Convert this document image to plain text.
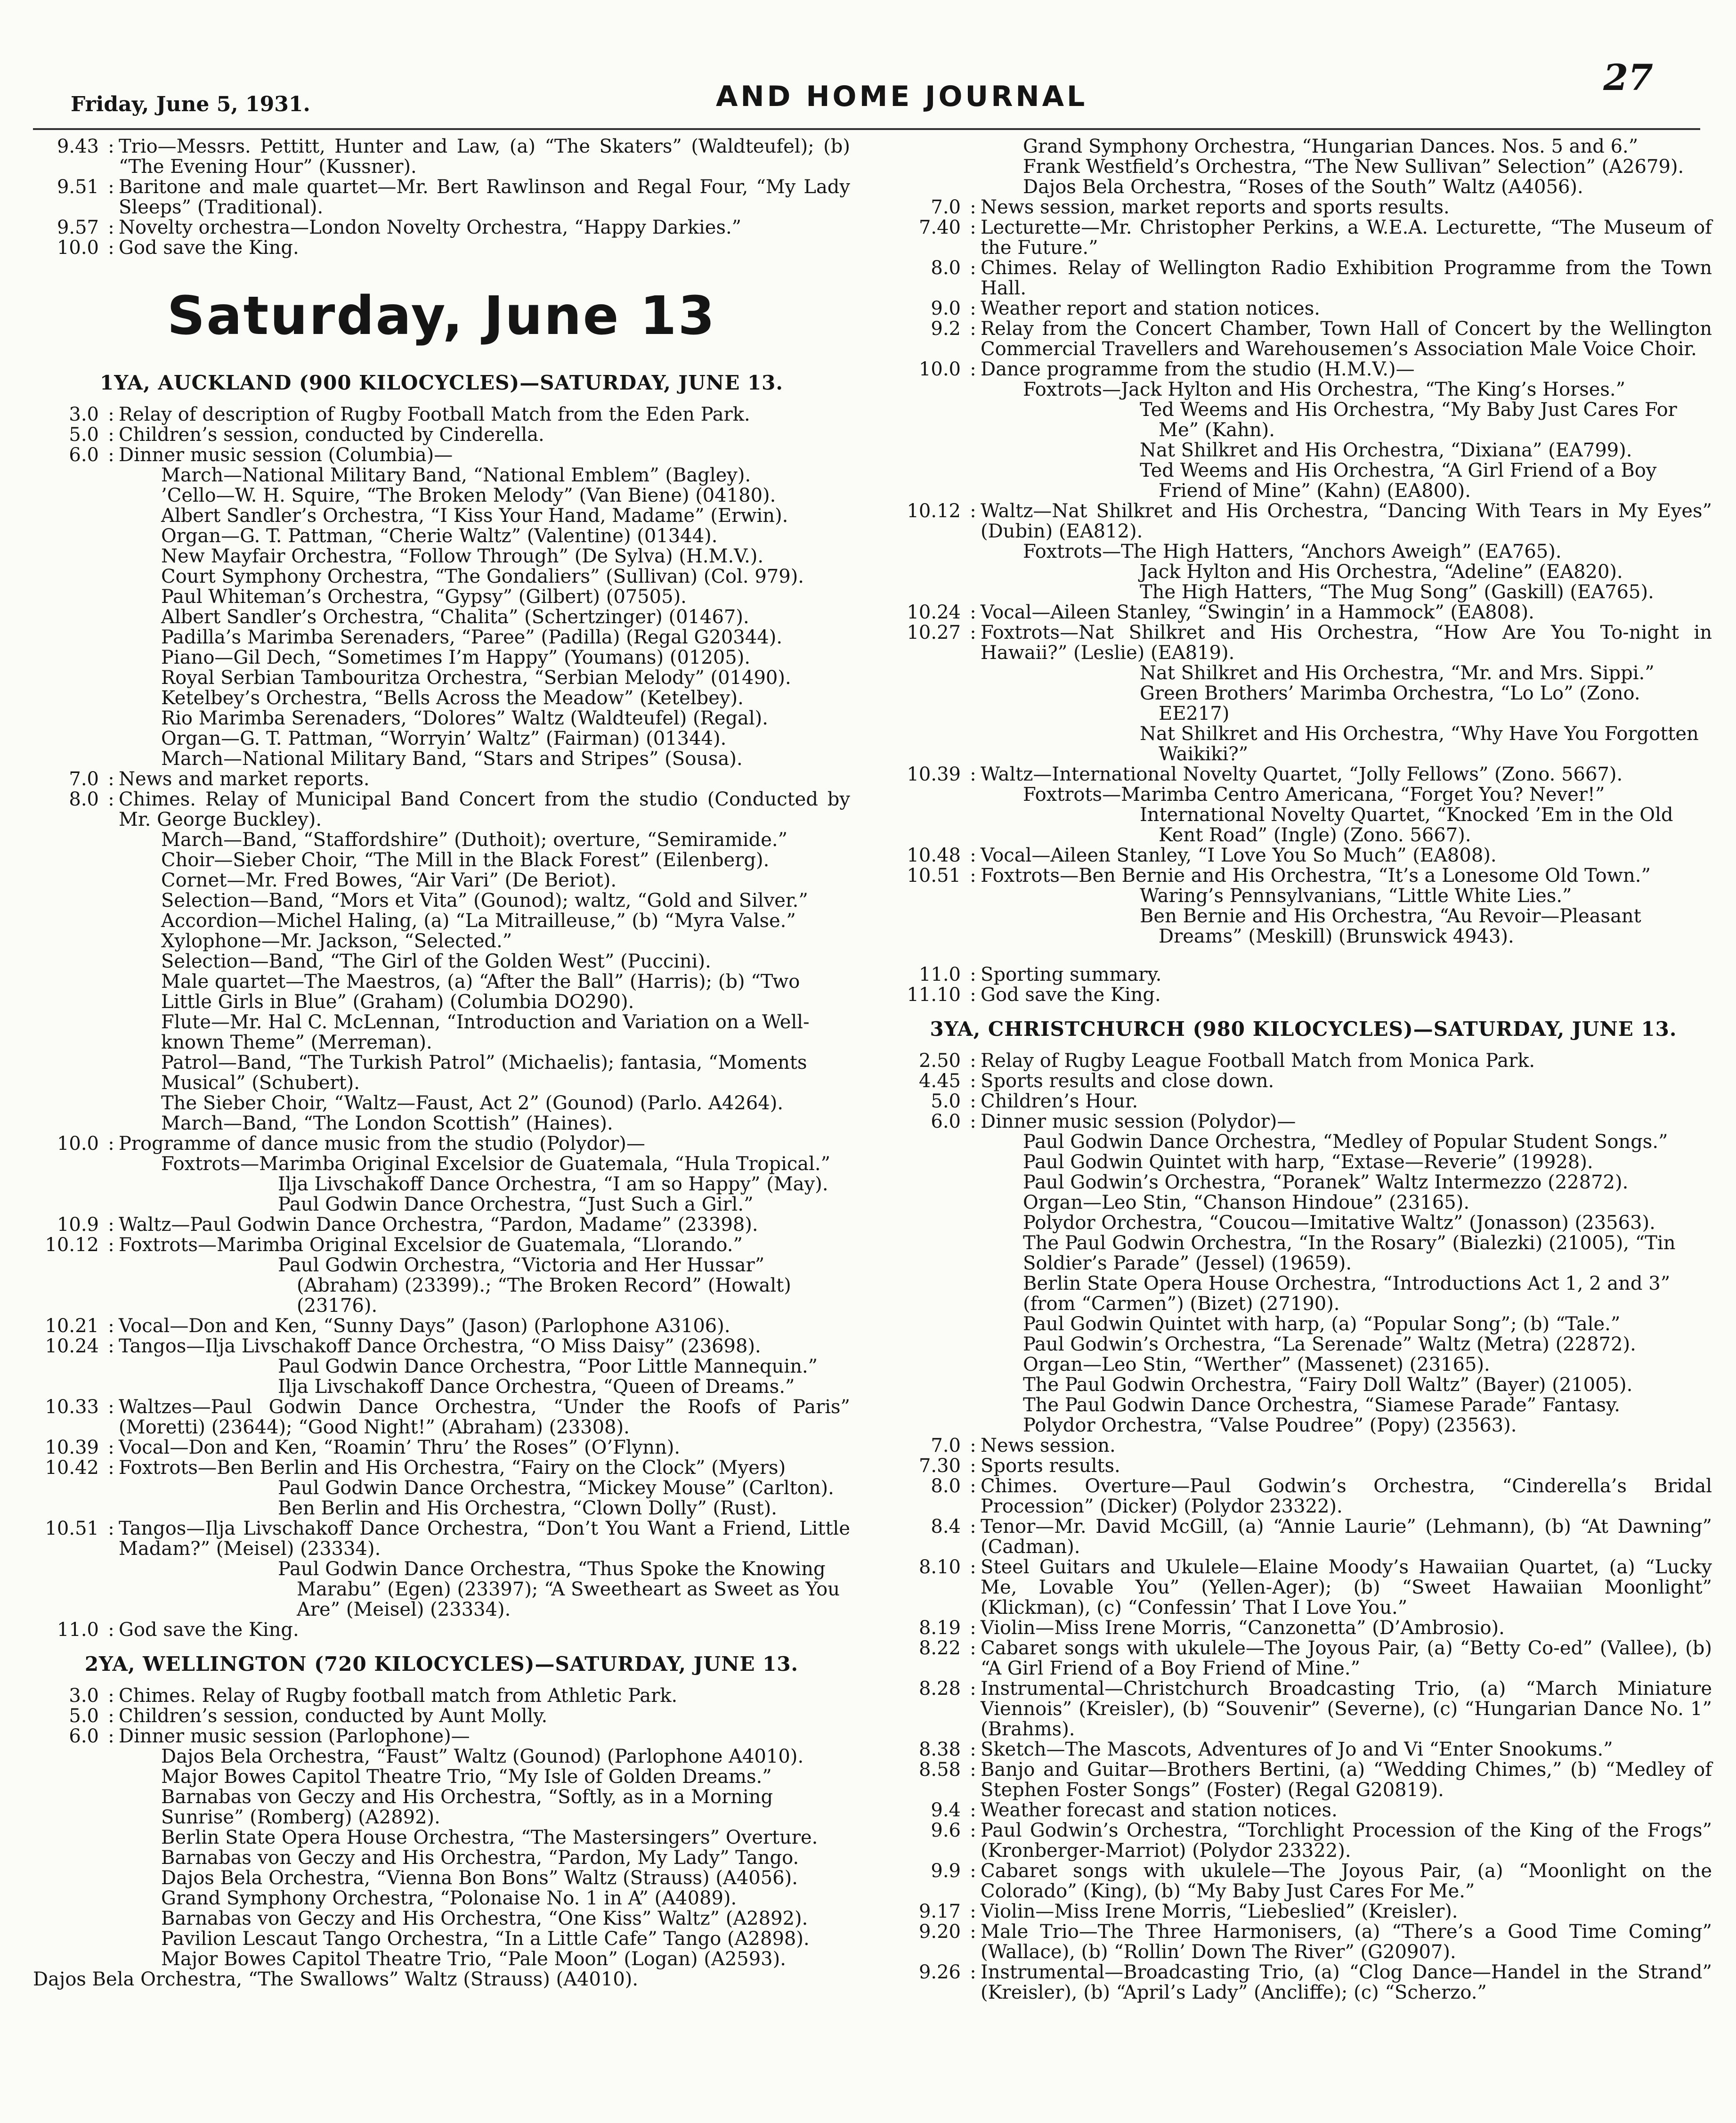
Friday, June 5, 1931.	AND HOME JOURNAL	27
9.43 : Trio—Messrs. Pettitt, Hunter and Law, (a) “The Skaters” (Waldteufel); (b) “The Evening Hour” (Kussner).
9.51 : Baritone and male quartet—Mr. Bert Rawlinson and Regal Four, “My Lady Sleeps” (Traditional).
9.57 : Novelty orchestra—London Novelty Orchestra, “Happy Darkies.”
10.0 : God save the King.
Saturday, June 13
1YA, AUCKLAND (900 KILOCYCLES)—SATURDAY, JUNE 13.
3.0 : Relay of description of Rugby Football Match from the Eden Park.
5.0 : Children’s session, conducted by Cinderella.
6.0 : Dinner music session (Columbia)—
March—National Military Band, “National Emblem” (Bagley).
’Cello—W. H. Squire, “The Broken Melody” (Van Biene) (04180).
Albert Sandler’s Orchestra, “I Kiss Your Hand, Madame” (Erwin).
Organ—G. T. Pattman, “Cherie Waltz” (Valentine) (01344).
New Mayfair Orchestra, “Follow Through” (De Sylva) (H.M.V.).
Court Symphony Orchestra, “The Gondaliers” (Sullivan) (Col. 979).
Paul Whiteman’s Orchestra, “Gypsy” (Gilbert) (07505).
Albert Sandler’s Orchestra, “Chalita” (Schertzinger) (01467).
Padilla’s Marimba Serenaders, “Paree” (Padilla) (Regal G20344).
Piano—Gil Dech, “Sometimes I’m Happy” (Youmans) (01205).
Royal Serbian Tambouritza Orchestra, “Serbian Melody” (01490).
Ketelbey’s Orchestra, “Bells Across the Meadow” (Ketelbey).
Rio Marimba Serenaders, “Dolores” Waltz (Waldteufel) (Regal).
Organ—G. T. Pattman, “Worryin’ Waltz” (Fairman) (01344).
March—National Military Band, “Stars and Stripes” (Sousa).
7.0 : News and market reports.
8.0 : Chimes. Relay of Municipal Band Concert from the studio (Conducted by Mr. George Buckley).
March—Band, “Staffordshire” (Duthoit); overture, “Semiramide.”
Choir—Sieber Choir, “The Mill in the Black Forest” (Eilenberg).
Cornet—Mr. Fred Bowes, “Air Vari” (De Beriot).
Selection—Band, “Mors et Vita” (Gounod); waltz, “Gold and Silver.”
Accordion—Michel Haling, (a) “La Mitrailleuse,” (b) “Myra Valse.”
Xylophone—Mr. Jackson, “Selected.”
Selection—Band, “The Girl of the Golden West” (Puccini).
Male quartet—The Maestros, (a) “After the Ball” (Harris); (b) “Two Little Girls in Blue” (Graham) (Columbia DO290).
Flute—Mr. Hal C. McLennan, “Introduction and Variation on a Well-known Theme” (Merreman).
Patrol—Band, “The Turkish Patrol” (Michaelis); fantasia, “Moments Musical” (Schubert).
The Sieber Choir, “Waltz—Faust, Act 2” (Gounod) (Parlo. A4264).
March—Band, “The London Scottish” (Haines).
10.0 : Programme of dance music from the studio (Polydor)—
Foxtrots—Marimba Original Excelsior de Guatemala, “Hula Tropical.”
Ilja Livschakoff Dance Orchestra, “I am so Happy” (May).
Paul Godwin Dance Orchestra, “Just Such a Girl.”
10.9 : Waltz—Paul Godwin Dance Orchestra, “Pardon, Madame” (23398).
10.12 : Foxtrots—Marimba Original Excelsior de Guatemala, “Llorando.”
Paul Godwin Orchestra, “Victoria and Her Hussar” (Abraham) (23399).; “The Broken Record” (Howalt) (23176).
10.21 : Vocal—Don and Ken, “Sunny Days” (Jason) (Parlophone A3106).
10.24 : Tangos—Ilja Livschakoff Dance Orchestra, “O Miss Daisy” (23698).
Paul Godwin Dance Orchestra, “Poor Little Mannequin.”
Ilja Livschakoff Dance Orchestra, “Queen of Dreams.”
10.33 : Waltzes—Paul Godwin Dance Orchestra, “Under the Roofs of Paris” (Moretti) (23644); “Good Night!” (Abraham) (23308).
10.39 : Vocal—Don and Ken, “Roamin’ Thru’ the Roses” (O’Flynn).
10.42 : Foxtrots—Ben Berlin and His Orchestra, “Fairy on the Clock” (Myers)
Paul Godwin Dance Orchestra, “Mickey Mouse” (Carlton).
Ben Berlin and His Orchestra, “Clown Dolly” (Rust).
10.51 : Tangos—Ilja Livschakoff Dance Orchestra, “Don’t You Want a Friend, Little Madam?” (Meisel) (23334).
Paul Godwin Dance Orchestra, “Thus Spoke the Knowing Marabu” (Egen) (23397); “A Sweetheart as Sweet as You Are” (Meisel) (23334).
11.0 : God save the King.
2YA, WELLINGTON (720 KILOCYCLES)—SATURDAY, JUNE 13.
3.0 : Chimes. Relay of Rugby football match from Athletic Park.
5.0 : Children’s session, conducted by Aunt Molly.
6.0 : Dinner music session (Parlophone)—
Dajos Bela Orchestra, “Faust” Waltz (Gounod) (Parlophone A4010).
Major Bowes Capitol Theatre Trio, “My Isle of Golden Dreams.”
Barnabas von Geczy and His Orchestra, “Softly, as in a Morning Sunrise” (Romberg) (A2892).
Berlin State Opera House Orchestra, “The Mastersingers” Overture.
Barnabas von Geczy and His Orchestra, “Pardon, My Lady” Tango.
Dajos Bela Orchestra, “Vienna Bon Bons” Waltz (Strauss) (A4056).
Grand Symphony Orchestra, “Polonaise No. 1 in A” (A4089).
Barnabas von Geczy and His Orchestra, “One Kiss” Waltz” (A2892).
Pavilion Lescaut Tango Orchestra, “In a Little Cafe” Tango (A2898).
Major Bowes Capitol Theatre Trio, “Pale Moon” (Logan) (A2593).
Dajos Bela Orchestra, “The Swallows” Waltz (Strauss) (A4010).
Grand Symphony Orchestra, “Hungarian Dances. Nos. 5 and 6.”
Frank Westfield’s Orchestra, “The New Sullivan” Selection” (A2679).
Dajos Bela Orchestra, “Roses of the South” Waltz (A4056).
7.0 : News session, market reports and sports results.
7.40 : Lecturette—Mr. Christopher Perkins, a W.E.A. Lecturette, “The Museum of the Future.”
8.0 : Chimes. Relay of Wellington Radio Exhibition Programme from the Town Hall.
9.0 : Weather report and station notices.
9.2 : Relay from the Concert Chamber, Town Hall of Concert by the Wellington Commercial Travellers and Warehousemen’s Association Male Voice Choir.
10.0 : Dance programme from the studio (H.M.V.)—
Foxtrots—Jack Hylton and His Orchestra, “The King’s Horses.”
Ted Weems and His Orchestra, “My Baby Just Cares For Me” (Kahn).
Nat Shilkret and His Orchestra, “Dixiana” (EA799).
Ted Weems and His Orchestra, “A Girl Friend of a Boy Friend of Mine” (Kahn) (EA800).
10.12 : Waltz—Nat Shilkret and His Orchestra, “Dancing With Tears in My Eyes” (Dubin) (EA812).
Foxtrots—The High Hatters, “Anchors Aweigh” (EA765).
Jack Hylton and His Orchestra, “Adeline” (EA820).
The High Hatters, “The Mug Song” (Gaskill) (EA765).
10.24 : Vocal—Aileen Stanley, “Swingin’ in a Hammock” (EA808).
10.27 : Foxtrots—Nat Shilkret and His Orchestra, “How Are You To-night in Hawaii?” (Leslie) (EA819).
Nat Shilkret and His Orchestra, “Mr. and Mrs. Sippi.”
Green Brothers’ Marimba Orchestra, “Lo Lo” (Zono. EE217)
Nat Shilkret and His Orchestra, “Why Have You Forgotten Waikiki?”
10.39 : Waltz—International Novelty Quartet, “Jolly Fellows” (Zono. 5667).
Foxtrots—Marimba Centro Americana, “Forget You? Never!”
International Novelty Quartet, “Knocked ’Em in the Old Kent Road” (Ingle) (Zono. 5667).
10.48 : Vocal—Aileen Stanley, “I Love You So Much” (EA808).
10.51 : Foxtrots—Ben Bernie and His Orchestra, “It’s a Lonesome Old Town.”
Waring’s Pennsylvanians, “Little White Lies.”
Ben Bernie and His Orchestra, “Au Revoir—Pleasant Dreams” (Meskill) (Brunswick 4943).
11.0 : Sporting summary.
11.10 : God save the King.
3YA, CHRISTCHURCH (980 KILOCYCLES)—SATURDAY, JUNE 13.
2.50 : Relay of Rugby League Football Match from Monica Park.
4.45 : Sports results and close down.
5.0 : Children’s Hour.
6.0 : Dinner music session (Polydor)—
Paul Godwin Dance Orchestra, “Medley of Popular Student Songs.”
Paul Godwin Quintet with harp, “Extase—Reverie” (19928).
Paul Godwin’s Orchestra, “Poranek” Waltz Intermezzo (22872).
Organ—Leo Stin, “Chanson Hindoue” (23165).
Polydor Orchestra, “Coucou—Imitative Waltz” (Jonasson) (23563).
The Paul Godwin Orchestra, “In the Rosary” (Bialezki) (21005), “Tin Soldier’s Parade” (Jessel) (19659).
Berlin State Opera House Orchestra, “Introductions Act 1, 2 and 3” (from “Carmen”) (Bizet) (27190).
Paul Godwin Quintet with harp, (a) “Popular Song”; (b) “Tale.”
Paul Godwin’s Orchestra, “La Serenade” Waltz (Metra) (22872).
Organ—Leo Stin, “Werther” (Massenet) (23165).
The Paul Godwin Orchestra, “Fairy Doll Waltz” (Bayer) (21005).
The Paul Godwin Dance Orchestra, “Siamese Parade” Fantasy.
Polydor Orchestra, “Valse Poudree” (Popy) (23563).
7.0 : News session.
7.30 : Sports results.
8.0 : Chimes. Overture—Paul Godwin’s Orchestra, “Cinderella’s Bridal Procession” (Dicker) (Polydor 23322).
8.4 : Tenor—Mr. David McGill, (a) “Annie Laurie” (Lehmann), (b) “At Dawning” (Cadman).
8.10 : Steel Guitars and Ukulele—Elaine Moody’s Hawaiian Quartet, (a) “Lucky Me, Lovable You” (Yellen-Ager); (b) “Sweet Hawaiian Moonlight” (Klickman), (c) “Confessin’ That I Love You.”
8.19 : Violin—Miss Irene Morris, “Canzonetta” (D’Ambrosio).
8.22 : Cabaret songs with ukulele—The Joyous Pair, (a) “Betty Co-ed” (Vallee), (b) “A Girl Friend of a Boy Friend of Mine.”
8.28 : Instrumental—Christchurch Broadcasting Trio, (a) “March Miniature Viennois” (Kreisler), (b) “Souvenir” (Severne), (c) “Hungarian Dance No. 1” (Brahms).
8.38 : Sketch—The Mascots, Adventures of Jo and Vi “Enter Snookums.”
8.58 : Banjo and Guitar—Brothers Bertini, (a) “Wedding Chimes,” (b) “Medley of Stephen Foster Songs” (Foster) (Regal G20819).
9.4 : Weather forecast and station notices.
9.6 : Paul Godwin’s Orchestra, “Torchlight Procession of the King of the Frogs” (Kronberger-Marriot) (Polydor 23322).
9.9 : Cabaret songs with ukulele—The Joyous Pair, (a) “Moonlight on the Colorado” (King), (b) “My Baby Just Cares For Me.”
9.17 : Violin—Miss Irene Morris, “Liebeslied” (Kreisler).
9.20 : Male Trio—The Three Harmonisers, (a) “There’s a Good Time Coming” (Wallace), (b) “Rollin’ Down The River” (G20907).
9.26 : Instrumental—Broadcasting Trio, (a) “Clog Dance—Handel in the Strand” (Kreisler), (b) “April’s Lady” (Ancliffe); (c) “Scherzo.”
